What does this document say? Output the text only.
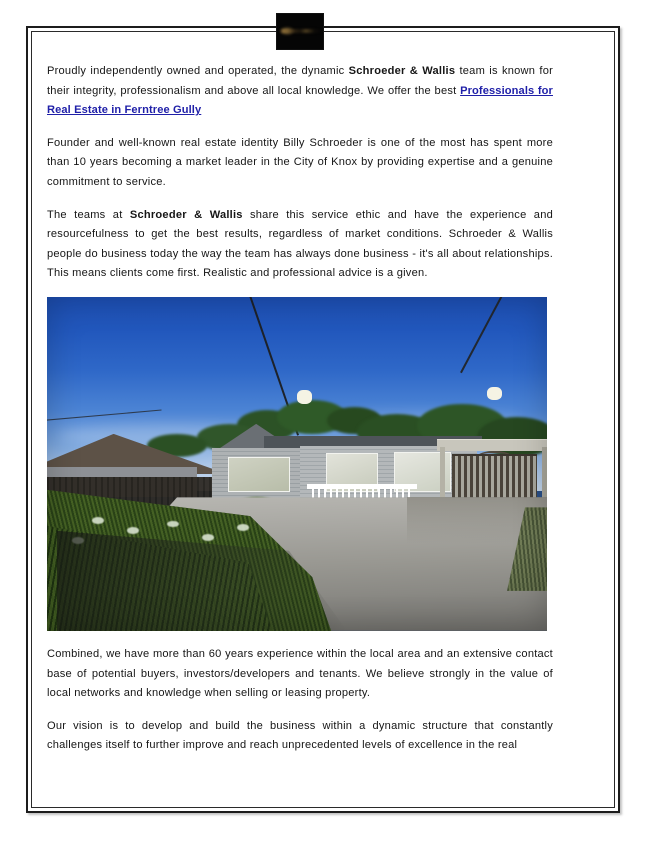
Proudly independently owned and operated, the dynamic Schroeder & Wallis team is known for their integrity, professionalism and above all local knowledge. We offer the best Professionals for Real Estate in Ferntree Gully

Founder and well-known real estate identity Billy Schroeder is one of the most has spent more than 10 years becoming a market leader in the City of Knox by providing expertise and a genuine commitment to service.

The teams at Schroeder & Wallis share this service ethic and have the experience and resourcefulness to get the best results, regardless of market conditions. Schroeder & Wallis people do business today the way the team has always done business - it's all about relationships. This means clients come first. Realistic and professional advice is a given.

Combined, we have more than 60 years experience within the local area and an extensive contact base of potential buyers, investors/developers and tenants. We believe strongly in the value of local networks and knowledge when selling or leasing property.

Our vision is to develop and build the business within a dynamic structure that constantly challenges itself to further improve and reach unprecedented levels of excellence in the real
